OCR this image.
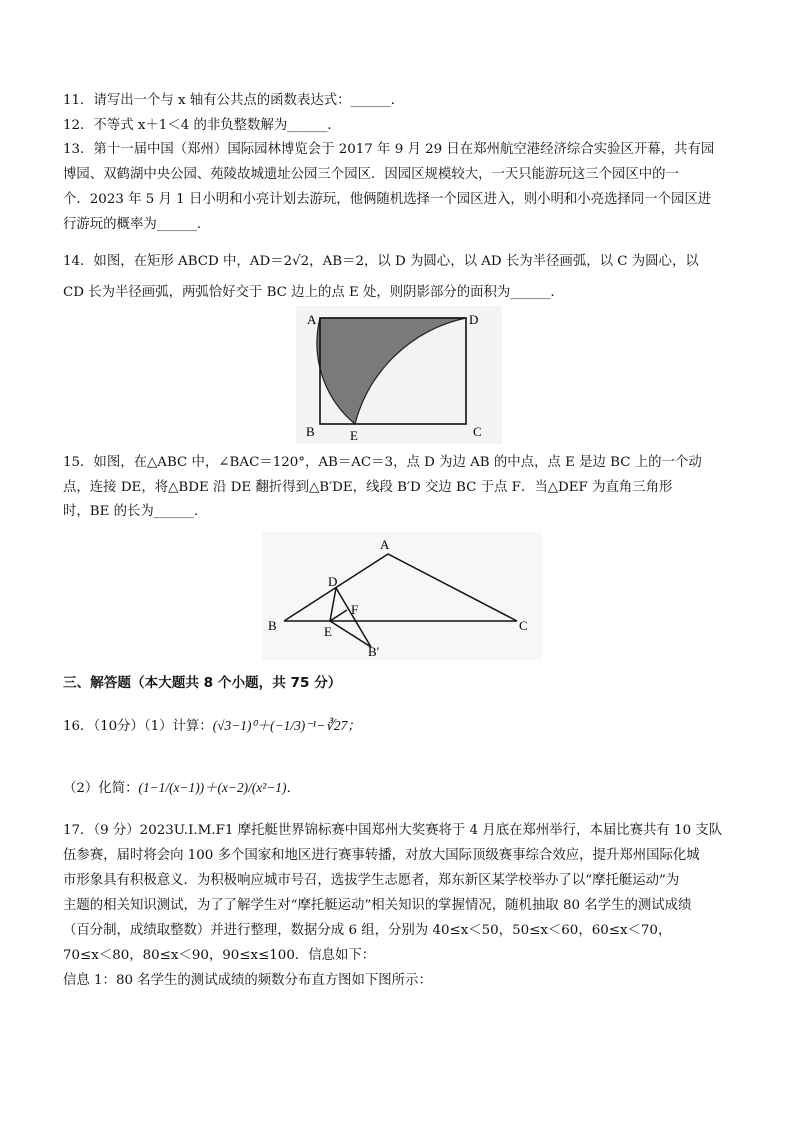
11．请写出一个与 x 轴有公共点的函数表达式：______．
12．不等式 x＋1＜4 的非负整数解为______．
13．第十一届中国（郑州）国际园林博览会于 2017 年 9 月 29 日在郑州航空港经济综合实验区开幕，共有园
博园、双鹤湖中央公园、苑陵故城遗址公园三个园区．因园区规模较大，一天只能游玩这三个园区中的一
个．2023 年 5 月 1 日小明和小亮计划去游玩，他俩随机选择一个园区进入，则小明和小亮选择同一个园区进
行游玩的概率为______．
14．如图，在矩形 ABCD 中，AD＝2√2，AB＝2，以 D 为圆心，以 AD 长为半径画弧，以 C 为圆心，以
CD 长为半径画弧，两弧恰好交于 BC 边上的点 E 处，则阴影部分的面积为______．
A	D
B	E	C
15．如图，在△ABC 中，∠BAC＝120°，AB＝AC＝3，点 D 为边 AB 的中点，点 E 是边 BC 上的一个动
点，连接 DE，将△BDE 沿 DE 翻折得到△B′DE，线段 B′D 交边 BC 于点 F．当△DEF 为直角三角形
时，BE 的长为______．
A
B	C
D
F
E
B′
三、解答题（本大题共 8 个小题，共 75 分）
16．（10分）（1）计算：(√3−1)⁰＋(−1/3)⁻¹−∛27；
（2）化简：(1−1/(x−1))＋(x−2)/(x²−1)．
17．（9 分）2023U.I.M.F1 摩托艇世界锦标赛中国郑州大奖赛将于 4 月底在郑州举行，本届比赛共有 10 支队
伍参赛，届时将会向 100 多个国家和地区进行赛事转播，对放大国际顶级赛事综合效应，提升郑州国际化城
市形象具有积极意义．为积极响应城市号召，选拔学生志愿者，郑东新区某学校举办了以“摩托艇运动”为
主题的相关知识测试，为了了解学生对“摩托艇运动”相关知识的掌握情况，随机抽取 80 名学生的测试成绩
（百分制，成绩取整数）并进行整理，数据分成 6 组，分别为 40≤x＜50，50≤x＜60，60≤x＜70，
70≤x＜80，80≤x＜90，90≤x≤100．信息如下：
信息 1：80 名学生的测试成绩的频数分布直方图如下图所示：
